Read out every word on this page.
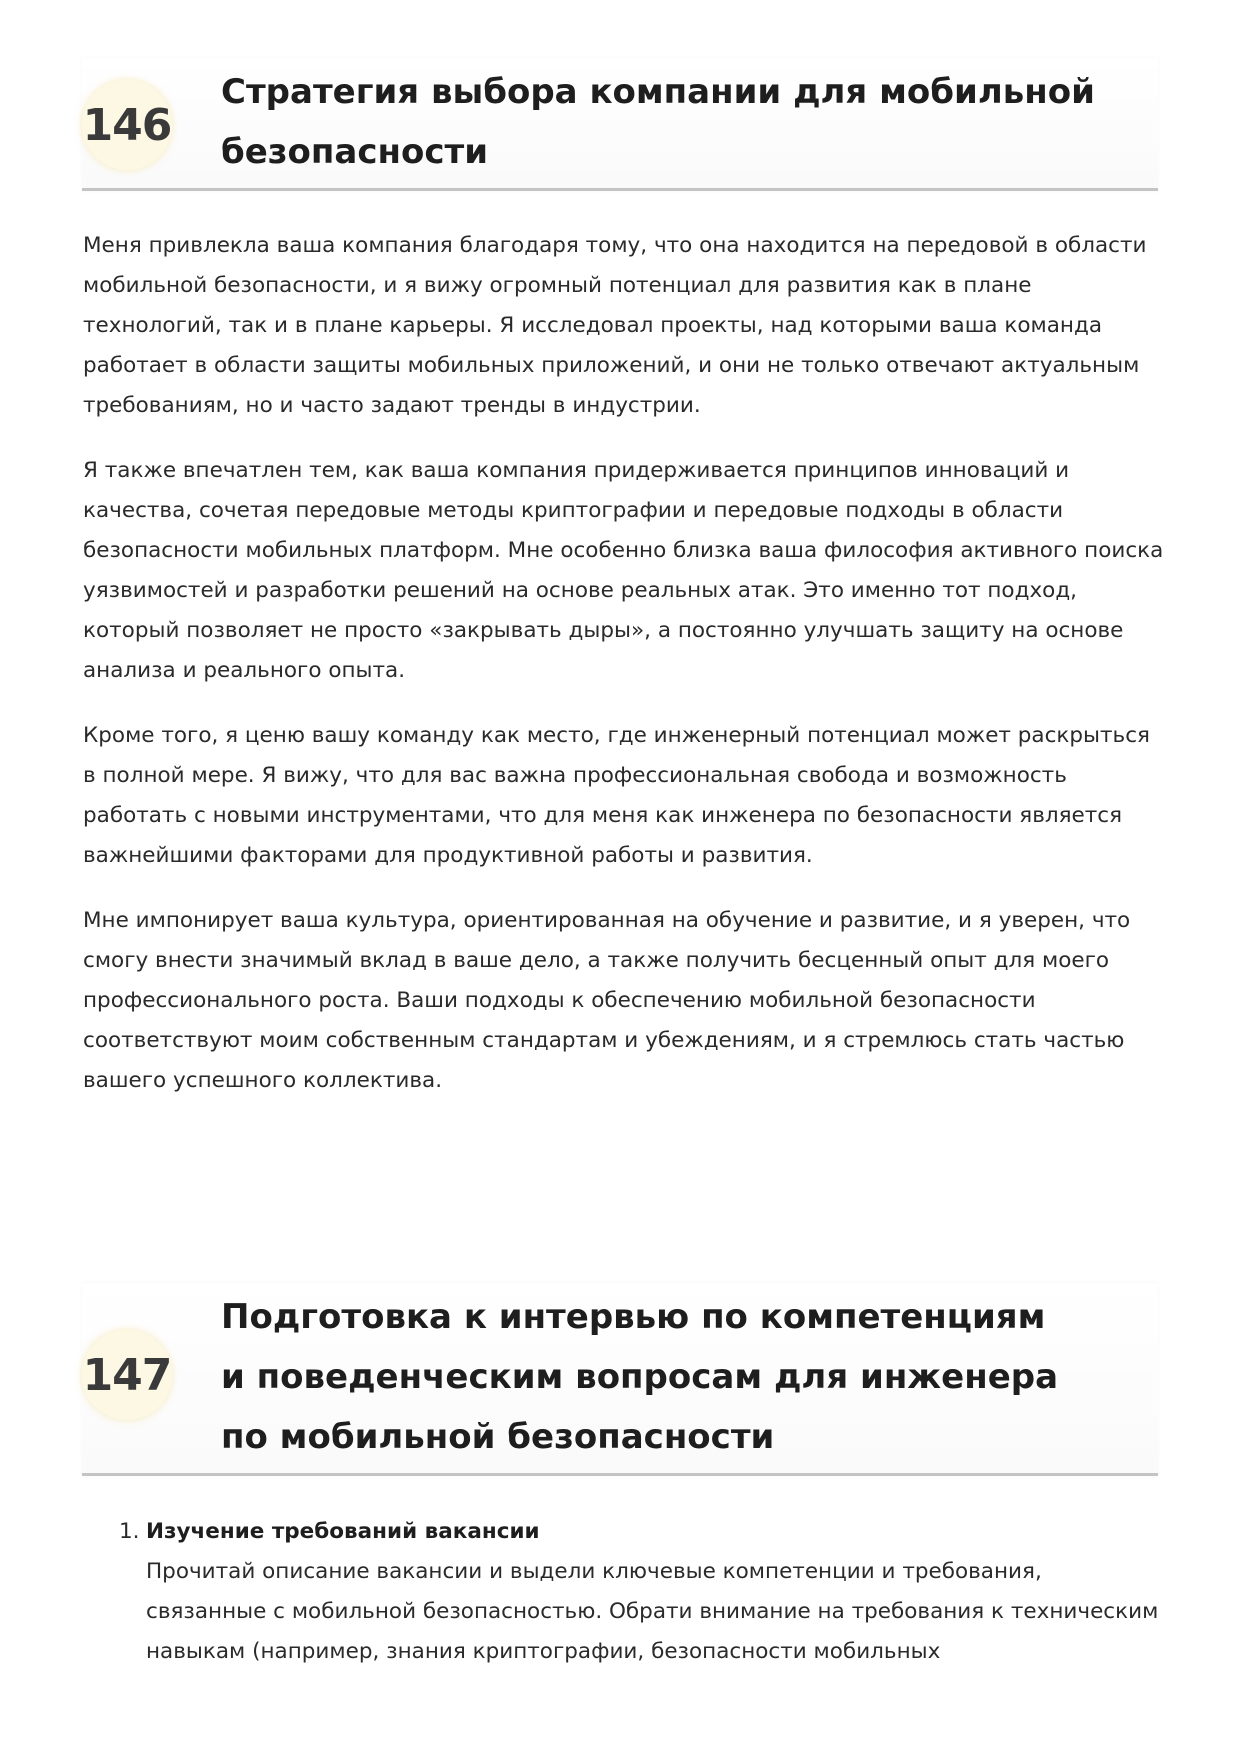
146
Стратегия выбора компании для мобильной безопасности

Меня привлекла ваша компания благодаря тому, что она находится на передовой в области мобильной безопасности, и я вижу огромный потенциал для развития как в плане технологий, так и в плане карьеры. Я исследовал проекты, над которыми ваша команда работает в области защиты мобильных приложений, и они не только отвечают актуальным требованиям, но и часто задают тренды в индустрии.

Я также впечатлен тем, как ваша компания придерживается принципов инноваций и качества, сочетая передовые методы криптографии и передовые подходы в области безопасности мобильных платформ. Мне особенно близка ваша философия активного поиска уязвимостей и разработки решений на основе реальных атак. Это именно тот подход, который позволяет не просто «закрывать дыры», а постоянно улучшать защиту на основе анализа и реального опыта.

Кроме того, я ценю вашу команду как место, где инженерный потенциал может раскрыться в полной мере. Я вижу, что для вас важна профессиональная свобода и возможность работать с новыми инструментами, что для меня как инженера по безопасности является важнейшими факторами для продуктивной работы и развития.

Мне импонирует ваша культура, ориентированная на обучение и развитие, и я уверен, что смогу внести значимый вклад в ваше дело, а также получить бесценный опыт для моего профессионального роста. Ваши подходы к обеспечению мобильной безопасности соответствуют моим собственным стандартам и убеждениям, и я стремлюсь стать частью вашего успешного коллектива.

147
Подготовка к интервью по компетенциям и поведенческим вопросам для инженера по мобильной безопасности
1. Изучение требований вакансии
Прочитай описание вакансии и выдели ключевые компетенции и требования, связанные с мобильной безопасностью. Обрати внимание на требования к техническим навыкам (например, знания криптографии, безопасности мобильных
